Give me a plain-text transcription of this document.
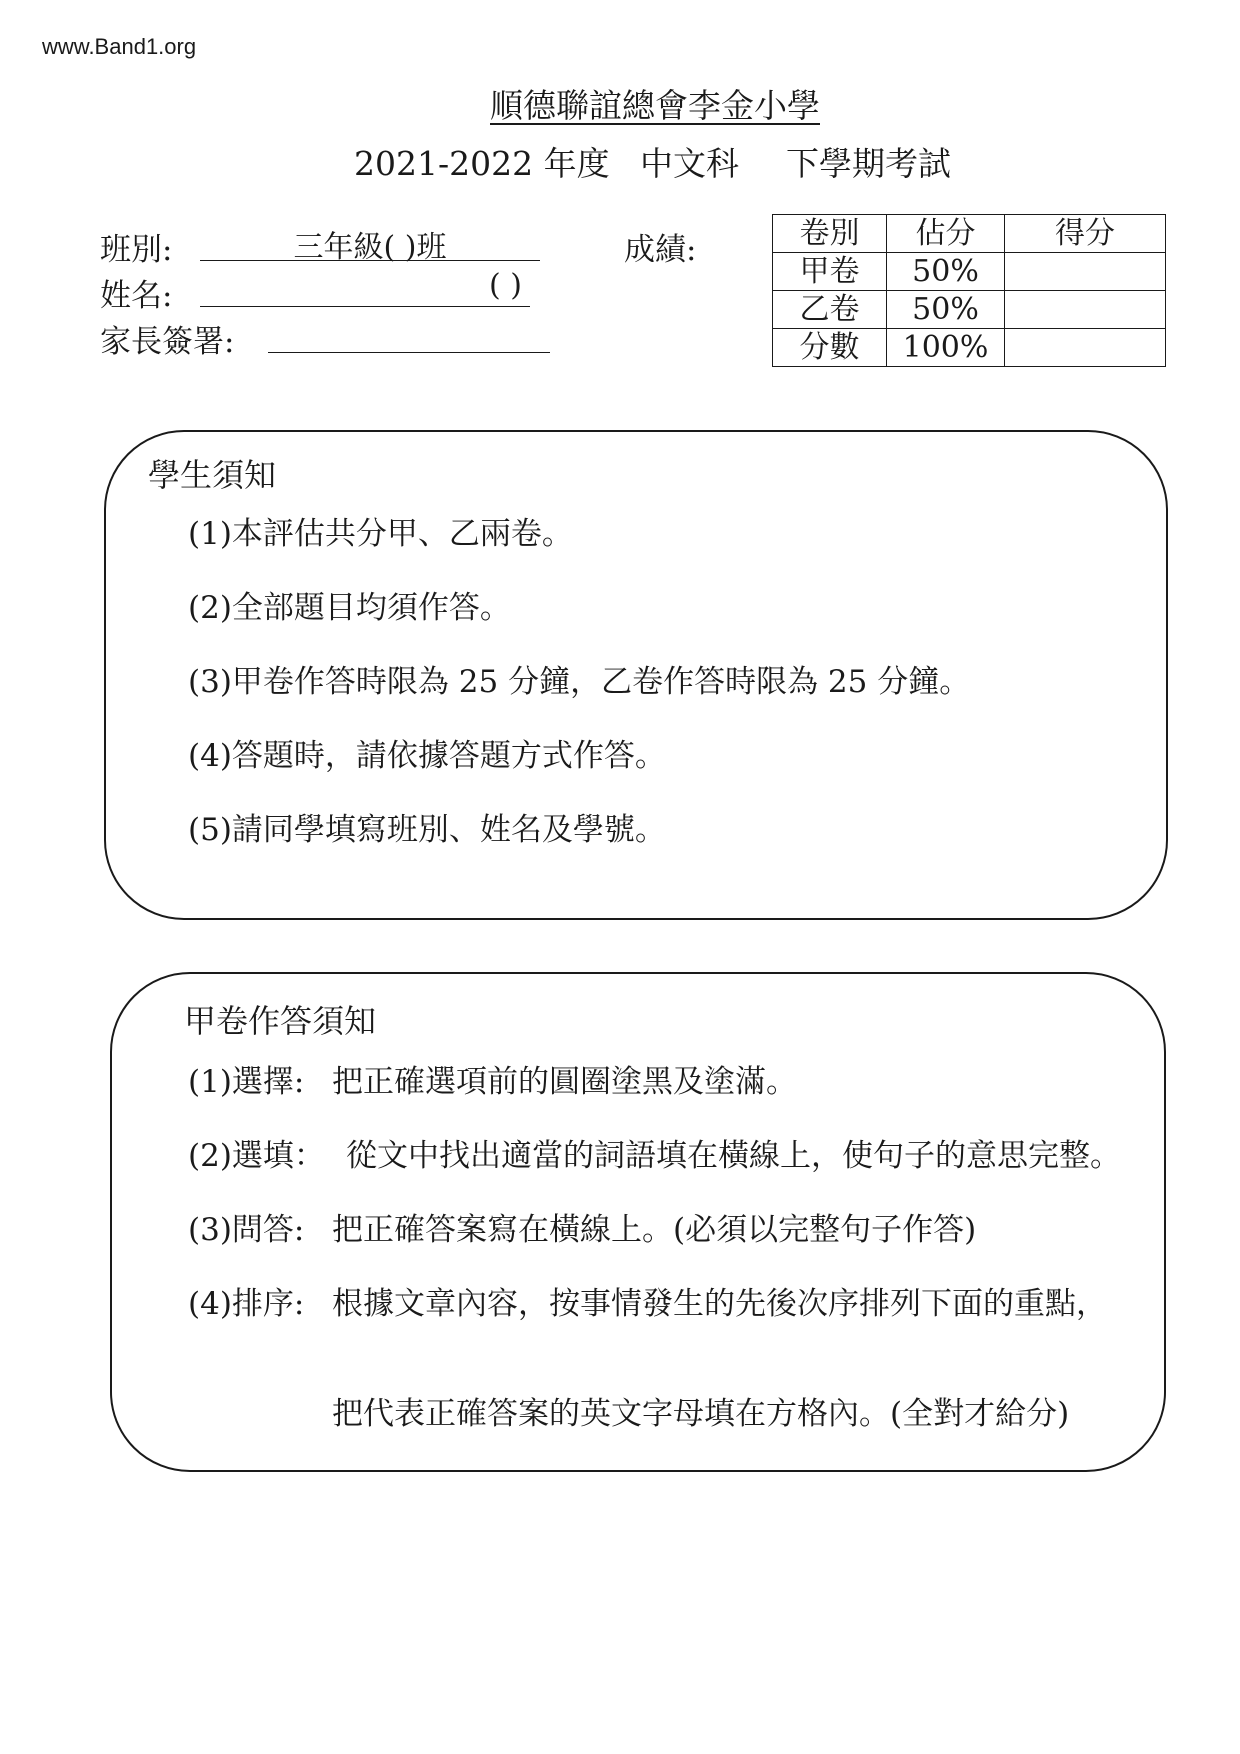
www.Band1.org
順德聯誼總會李金小學
2021-2022 年度 中文科 下學期考試
班別:	三年級( )班
姓名:	( )
家長簽署:
成績:	卷別	佔分	得分
甲卷	50%	
乙卷	50%	
分數	100%	
學生須知
(1)本評估共分甲、乙兩卷。
(2)全部題目均須作答。
(3)甲卷作答時限為 25 分鐘，乙卷作答時限為 25 分鐘。
(4)答題時，請依據答題方式作答。
(5)請同學填寫班別、姓名及學號。
甲卷作答須知
(1)選擇: 把正確選項前的圓圈塗黑及塗滿。
(2)選填： 從文中找出適當的詞語填在橫線上，使句子的意思完整。
(3)問答: 把正確答案寫在橫線上。(必須以完整句子作答)
(4)排序: 根據文章內容，按事情發生的先後次序排列下面的重點，
把代表正確答案的英文字母填在方格內。(全對才給分)
